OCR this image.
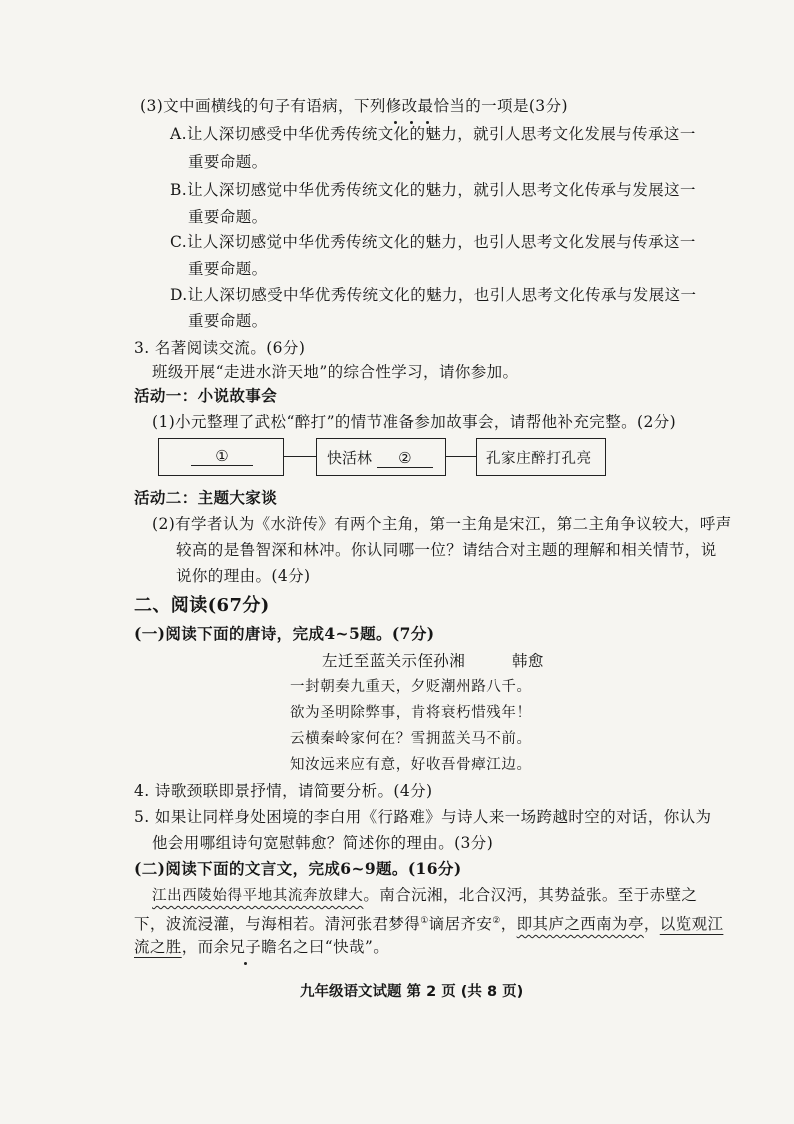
(3)文中画横线的句子有语病，下列修改最恰当的一项是(3分)
A.让人深切感受中华优秀传统文化的魅力，就引人思考文化发展与传承这一
重要命题。
B.让人深切感觉中华优秀传统文化的魅力，就引人思考文化传承与发展这一
重要命题。
C.让人深切感觉中华优秀传统文化的魅力，也引人思考文化发展与传承这一
重要命题。
D.让人深切感受中华优秀传统文化的魅力，也引人思考文化传承与发展这一
重要命题。
3. 名著阅读交流。(6分)
班级开展“走进水浒天地”的综合性学习，请你参加。
活动一：小说故事会
(1)小元整理了武松“醉打”的情节准备参加故事会，请帮他补充完整。(2分)
①	快活林 ②	孔家庄醉打孔亮
活动二：主题大家谈
(2)有学者认为《水浒传》有两个主角，第一主角是宋江，第二主角争议较大，呼声
较高的是鲁智深和林冲。你认同哪一位？请结合对主题的理解和相关情节，说
说你的理由。(4分)
二、阅读(67分)
(一)阅读下面的唐诗，完成4~5题。(7分)
左迁至蓝关示侄孙湘	韩愈
一封朝奏九重天，夕贬潮州路八千。
欲为圣明除弊事，肯将衰朽惜残年！
云横秦岭家何在？雪拥蓝关马不前。
知汝远来应有意，好收吾骨瘴江边。
4. 诗歌颈联即景抒情，请简要分析。(4分)
5. 如果让同样身处困境的李白用《行路难》与诗人来一场跨越时空的对话，你认为
他会用哪组诗句宽慰韩愈？简述你的理由。(3分)
(二)阅读下面的文言文，完成6~9题。(16分)
江出西陵始得平地其流奔放肆大。南合沅湘，北合汉沔，其势益张。至于赤壁之
下，波流浸灌，与海相若。清河张君梦得①谪居齐安②，即其庐之西南为亭，以览观江
流之胜，而余兄子瞻名之曰“快哉”。
九年级语文试题 第 2 页 (共 8 页)
